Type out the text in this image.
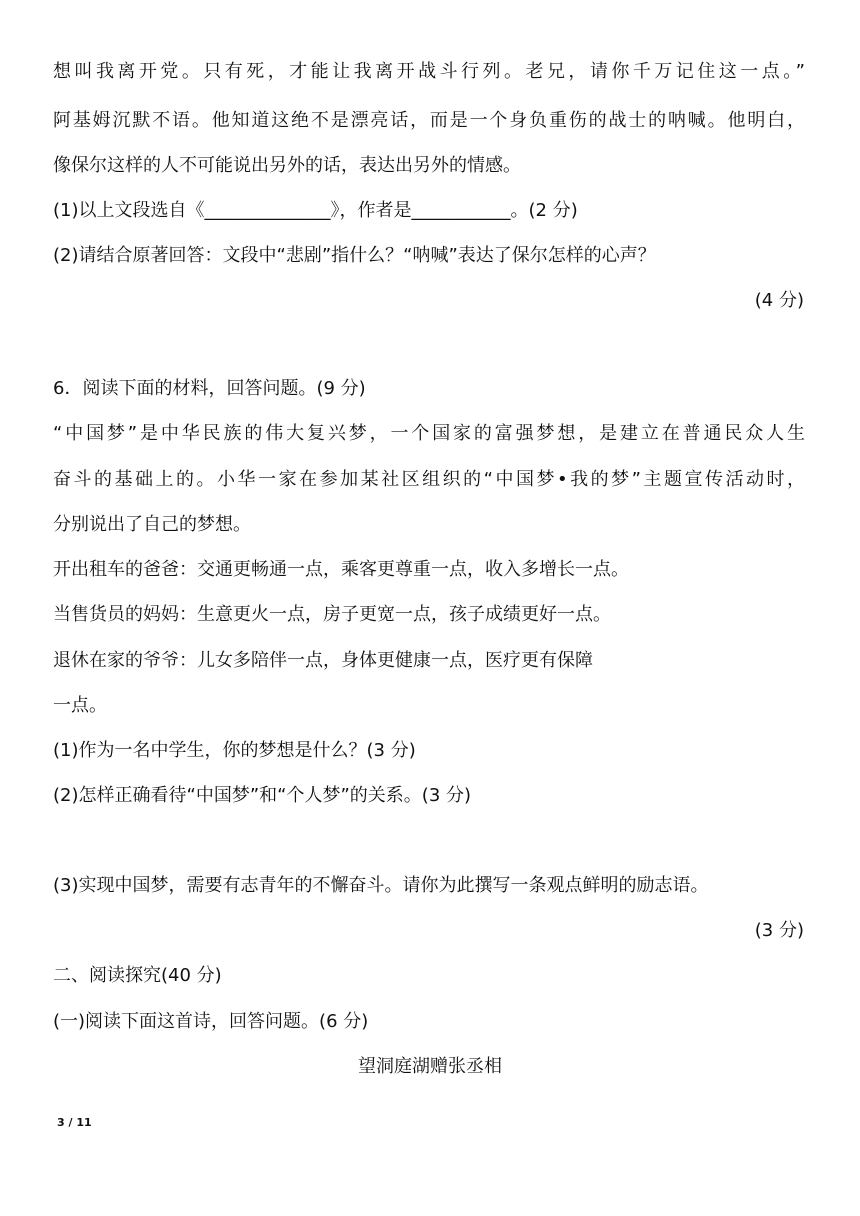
想叫我离开党。只有死，才能让我离开战斗行列。老兄，请你千万记住这一点。”
阿基姆沉默不语。他知道这绝不是漂亮话，而是一个身负重伤的战士的呐喊。他明白，
像保尔这样的人不可能说出另外的话，表达出另外的情感。
(1)以上文段选自《______________》，作者是___________。(2 分)
(2)请结合原著回答：文段中“悲剧”指什么？“呐喊”表达了保尔怎样的心声？
(4 分)
6．阅读下面的材料，回答问题。(9 分)
“中国梦”是中华民族的伟大复兴梦，一个国家的富强梦想，是建立在普通民众人生
奋斗的基础上的。小华一家在参加某社区组织的“中国梦•我的梦”主题宣传活动时，
分别说出了自己的梦想。
开出租车的爸爸：交通更畅通一点，乘客更尊重一点，收入多增长一点。
当售货员的妈妈：生意更火一点，房子更宽一点，孩子成绩更好一点。
退休在家的爷爷：儿女多陪伴一点，身体更健康一点，医疗更有保障
一点。
(1)作为一名中学生，你的梦想是什么？(3 分)
(2)怎样正确看待“中国梦”和“个人梦”的关系。(3 分)
(3)实现中国梦，需要有志青年的不懈奋斗。请你为此撰写一条观点鲜明的励志语。
(3 分)
二、阅读探究(40 分)
(一)阅读下面这首诗，回答问题。(6 分)
望洞庭湖赠张丞相
3 / 11
